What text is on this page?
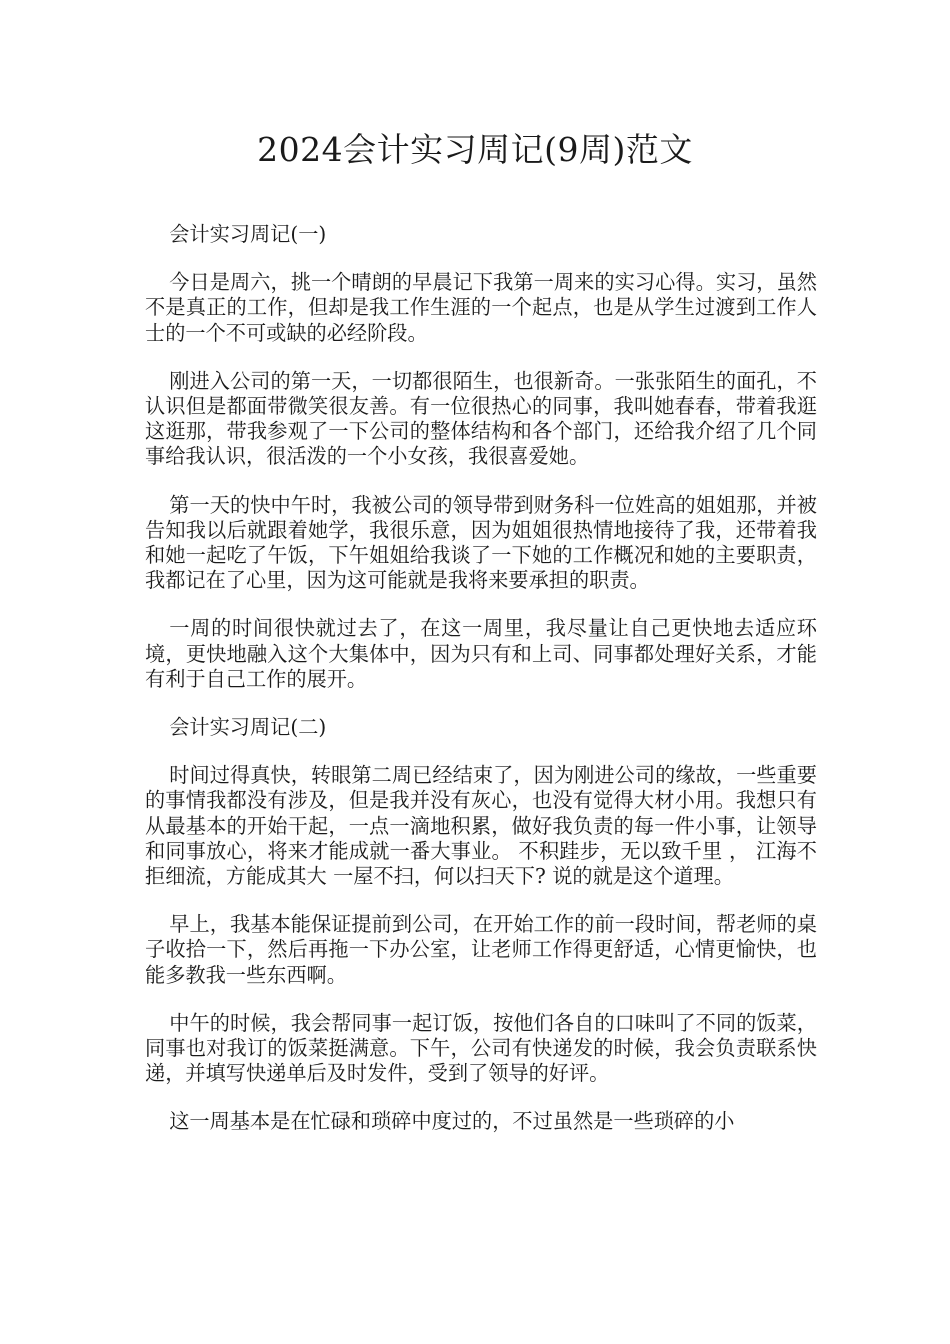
2024会计实习周记(9周)范文

会计实习周记(一)

今日是周六，挑一个晴朗的早晨记下我第一周来的实习心得。实习，虽然不是真正的工作，但却是我工作生涯的一个起点，也是从学生过渡到工作人士的一个不可或缺的必经阶段。

刚进入公司的第一天，一切都很陌生，也很新奇。一张张陌生的面孔，不认识但是都面带微笑很友善。有一位很热心的同事，我叫她春春，带着我逛这逛那，带我参观了一下公司的整体结构和各个部门，还给我介绍了几个同事给我认识，很活泼的一个小女孩，我很喜爱她。

第一天的快中午时，我被公司的领导带到财务科一位姓高的姐姐那，并被告知我以后就跟着她学，我很乐意，因为姐姐很热情地接待了我，还带着我和她一起吃了午饭，下午姐姐给我谈了一下她的工作概况和她的主要职责，我都记在了心里，因为这可能就是我将来要承担的职责。

一周的时间很快就过去了，在这一周里，我尽量让自己更快地去适应环境，更快地融入这个大集体中，因为只有和上司、同事都处理好关系，才能有利于自己工作的展开。

会计实习周记(二)

时间过得真快，转眼第二周已经结束了，因为刚进公司的缘故，一些重要的事情我都没有涉及，但是我并没有灰心，也没有觉得大材小用。我想只有从最基本的开始干起，一点一滴地积累，做好我负责的每一件小事，让领导和同事放心，将来才能成就一番大事业。 不积跬步，无以致千里 ， 江海不拒细流，方能成其大 一屋不扫，何以扫天下? 说的就是这个道理。

早上，我基本能保证提前到公司，在开始工作的前一段时间，帮老师的桌子收拾一下，然后再拖一下办公室，让老师工作得更舒适，心情更愉快，也能多教我一些东西啊。

中午的时候，我会帮同事一起订饭，按他们各自的口味叫了不同的饭菜，同事也对我订的饭菜挺满意。下午，公司有快递发的时候，我会负责联系快递，并填写快递单后及时发件，受到了领导的好评。

这一周基本是在忙碌和琐碎中度过的，不过虽然是一些琐碎的小
